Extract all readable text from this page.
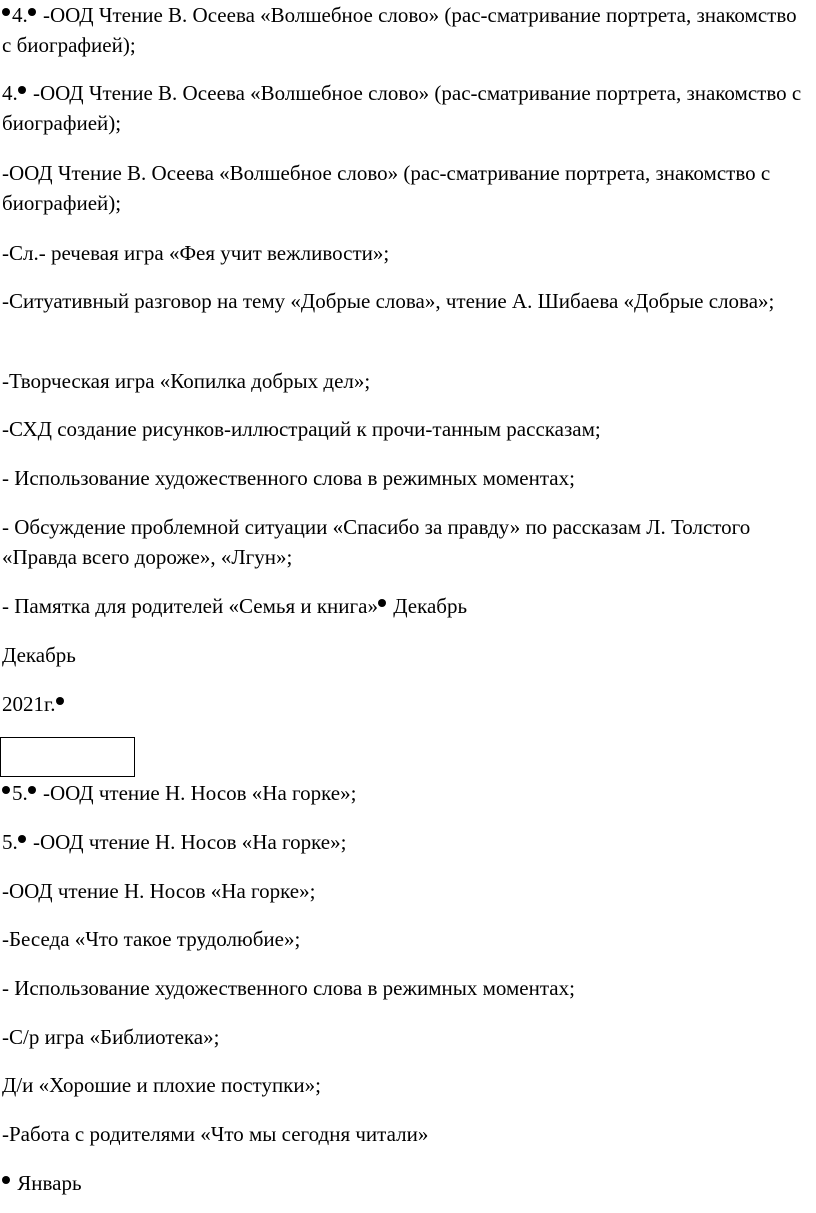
4. -ООД Чтение В. Осеева «Волшебное слово» (рас-сматривание портрета, знакомство с биографией);

4. -ООД Чтение В. Осеева «Волшебное слово» (рас-сматривание портрета, знакомство с биографией);

-ООД Чтение В. Осеева «Волшебное слово» (рас-сматривание портрета, знакомство с биографией);

-Сл.- речевая игра «Фея учит вежливости»;

-Ситуативный разговор на тему «Добрые слова», чтение А. Шибаева «Добрые слова»;

-Творческая игра «Копилка добрых дел»;

-СХД создание рисунков-иллюстраций к прочи-танным рассказам;

- Использование художественного слова в режимных моментах;

- Обсуждение проблемной ситуации «Спасибо за правду» по рассказам Л. Толстого «Правда всего дороже», «Лгун»;

- Памятка для родителей «Семья и книга» Декабрь

Декабрь

2021г.

5. -ООД чтение Н. Носов «На горке»;

5. -ООД чтение Н. Носов «На горке»;

-ООД чтение Н. Носов «На горке»;

-Беседа «Что такое трудолюбие»;

- Использование художественного слова в режимных моментах;

-С/р игра «Библиотека»;

Д/и «Хорошие и плохие поступки»;

-Работа с родителями «Что мы сегодня читали»

Январь
